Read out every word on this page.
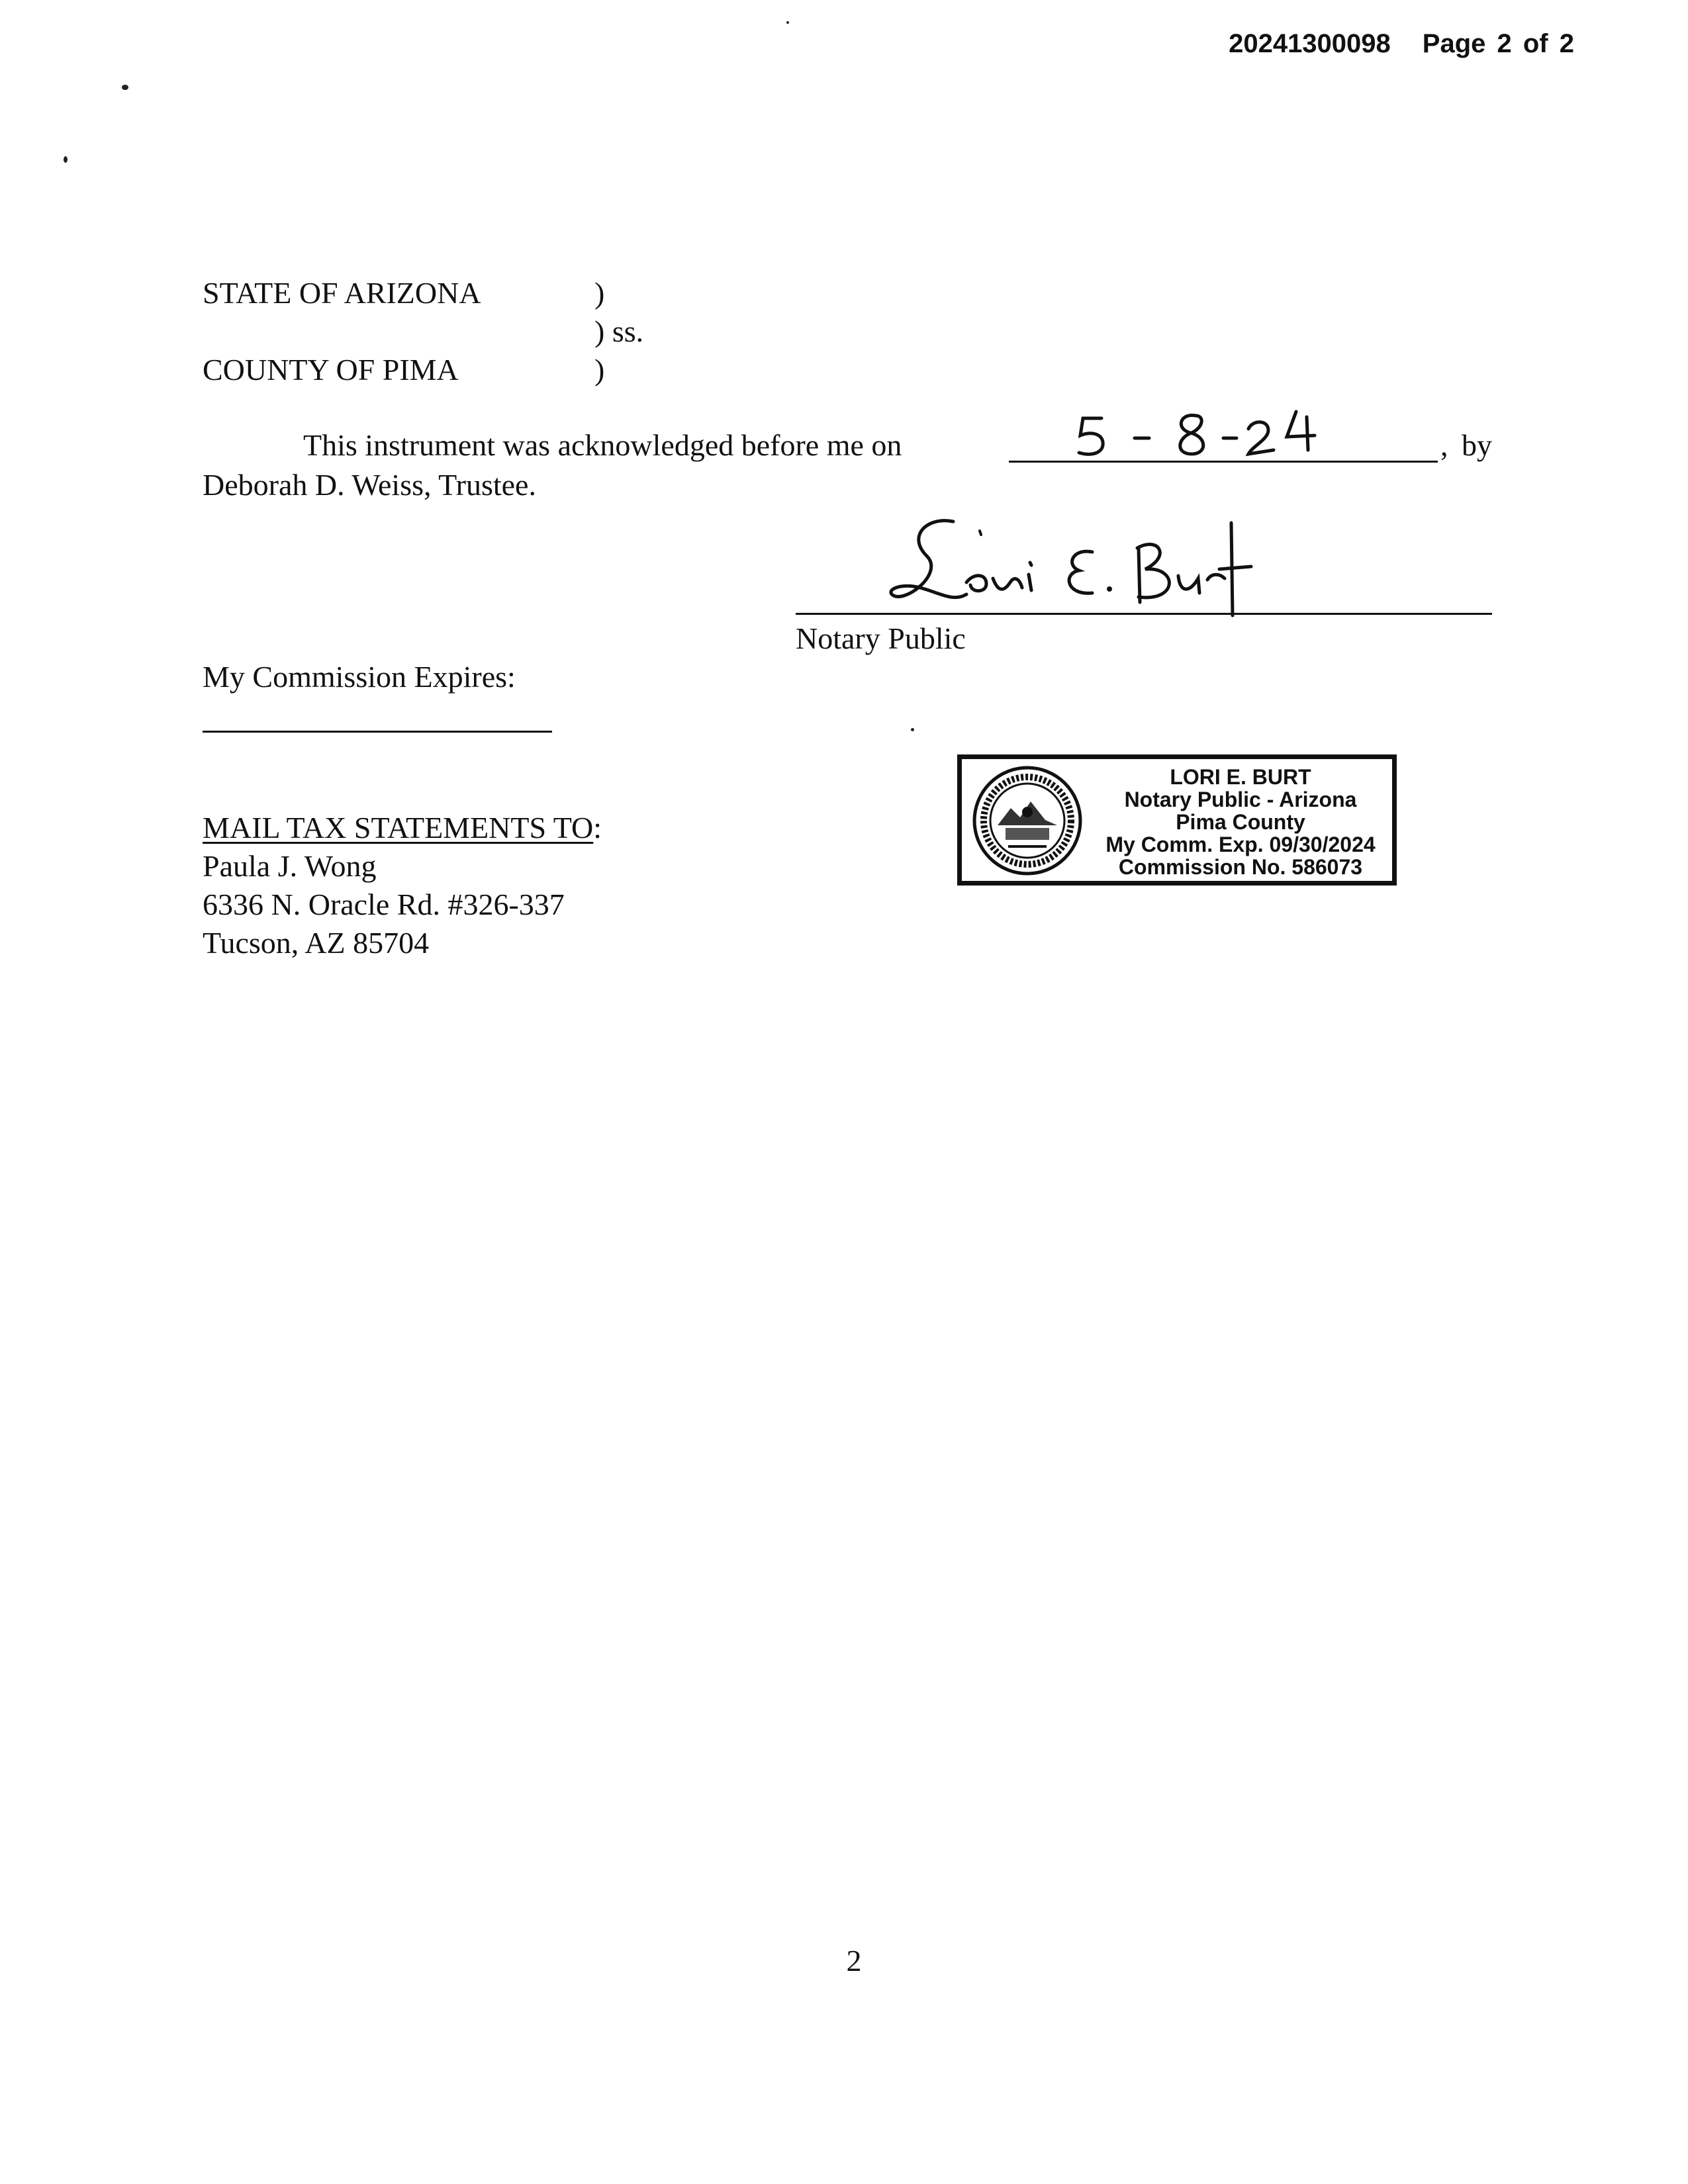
20241300098 Page 2 of 2
STATE OF ARIZONA
COUNTY OF PIMA
)
) ss.
)
This instrument was acknowledged before me on	, by
Deborah D. Weiss, Trustee.
Notary Public
My Commission Expires:
MAIL TAX STATEMENTS TO:
Paula J. Wong
6336 N. Oracle Rd. #326-337
Tucson, AZ 85704
LORI E. BURT
Notary Public - Arizona
Pima County
My Comm. Exp. 09/30/2024
Commission No. 586073
2
